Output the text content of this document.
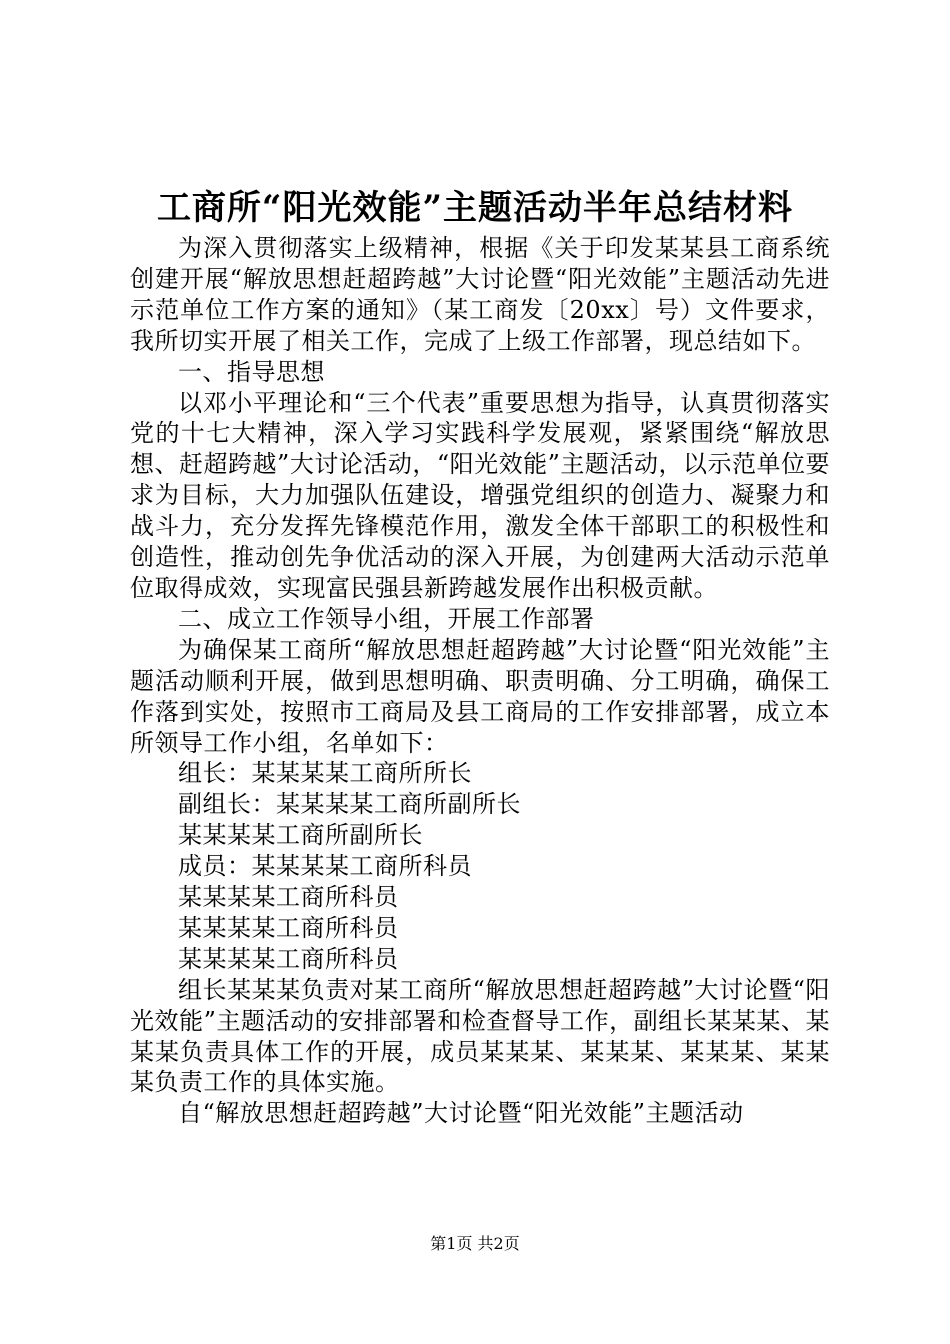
工商所“阳光效能”主题活动半年总结材料

为深入贯彻落实上级精神，根据《关于印发某某县工商系统创建开展“解放思想赶超跨越”大讨论暨“阳光效能”主题活动先进示范单位工作方案的通知》（某工商发〔20xx〕号）文件要求，我所切实开展了相关工作，完成了上级工作部署，现总结如下。

一、指导思想

以邓小平理论和“三个代表”重要思想为指导，认真贯彻落实党的十七大精神，深入学习实践科学发展观，紧紧围绕“解放思想、赶超跨越”大讨论活动，“阳光效能”主题活动，以示范单位要求为目标，大力加强队伍建设，增强党组织的创造力、凝聚力和战斗力，充分发挥先锋模范作用，激发全体干部职工的积极性和创造性，推动创先争优活动的深入开展，为创建两大活动示范单位取得成效，实现富民强县新跨越发展作出积极贡献。

二、成立工作领导小组，开展工作部署

为确保某工商所“解放思想赶超跨越”大讨论暨“阳光效能”主题活动顺利开展，做到思想明确、职责明确、分工明确，确保工作落到实处，按照市工商局及县工商局的工作安排部署，成立本所领导工作小组，名单如下：

组长：某某某某工商所所长

副组长：某某某某工商所副所长

某某某某工商所副所长

成员：某某某某工商所科员

某某某某工商所科员

某某某某工商所科员

某某某某工商所科员

组长某某某负责对某工商所“解放思想赶超跨越”大讨论暨“阳光效能”主题活动的安排部署和检查督导工作，副组长某某某、某某某负责具体工作的开展，成员某某某、某某某、某某某、某某某负责工作的具体实施。

自“解放思想赶超跨越”大讨论暨“阳光效能”主题活动

第1页 共2页
